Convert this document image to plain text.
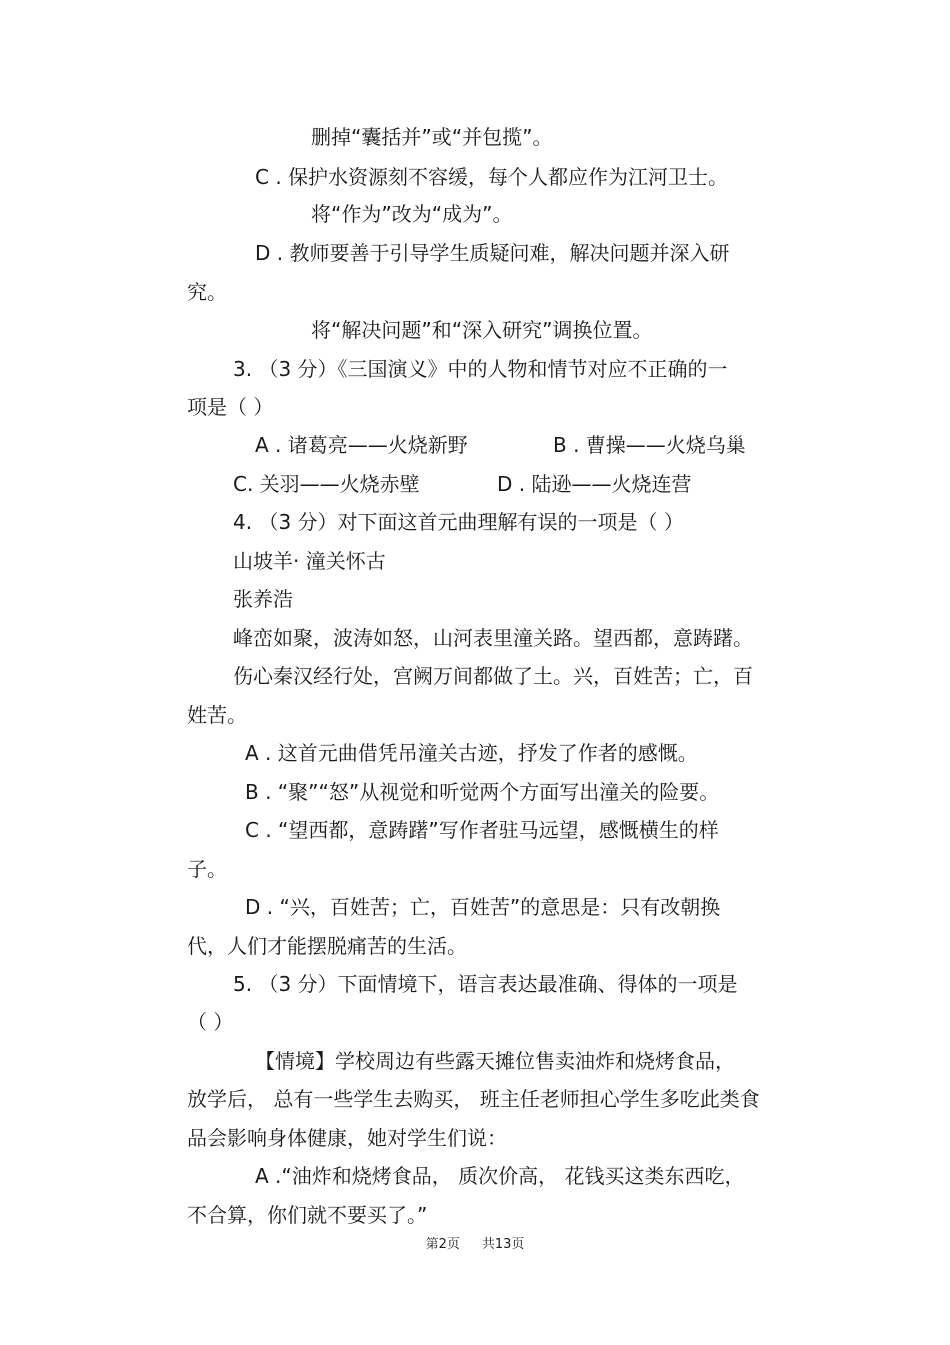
删掉“囊括并”或“并包揽”。

C . 保护水资源刻不容缓，每个人都应作为江河卫士。

将“作为”改为“成为”。

D . 教师要善于引导学生质疑问难，解决问题并深入研

究。

将“解决问题”和“深入研究”调换位置。

3. （3 分）《三国演义》中的人物和情节对应不正确的一

项是（ ）

A . 诸葛亮——火烧新野	B . 曹操——火烧乌巢

C. 关羽——火烧赤壁	D . 陆逊——火烧连营

4. （3 分）对下面这首元曲理解有误的一项是（ ）

山坡羊· 潼关怀古

张养浩

峰峦如聚，波涛如怒，山河表里潼关路。望西都，意踌躇。

伤心秦汉经行处，宫阙万间都做了土。兴，百姓苦；亡，百

姓苦。

A . 这首元曲借凭吊潼关古迹，抒发了作者的感慨。

B . “聚”“怒”从视觉和听觉两个方面写出潼关的险要。

C . “望西都，意踌躇”写作者驻马远望，感慨横生的样

子。

D . “兴，百姓苦；亡，百姓苦”的意思是：只有改朝换

代，人们才能摆脱痛苦的生活。

5. （3 分）下面情境下，语言表达最准确、得体的一项是

（ ）

【情境】学校周边有些露天摊位售卖油炸和烧烤食品，

放学后， 总有一些学生去购买， 班主任老师担心学生多吃此类食

品会影响身体健康，她对学生们说：

A .“油炸和烧烤食品， 质次价高， 花钱买这类东西吃，

不合算，你们就不要买了。”

第2页 共13页
